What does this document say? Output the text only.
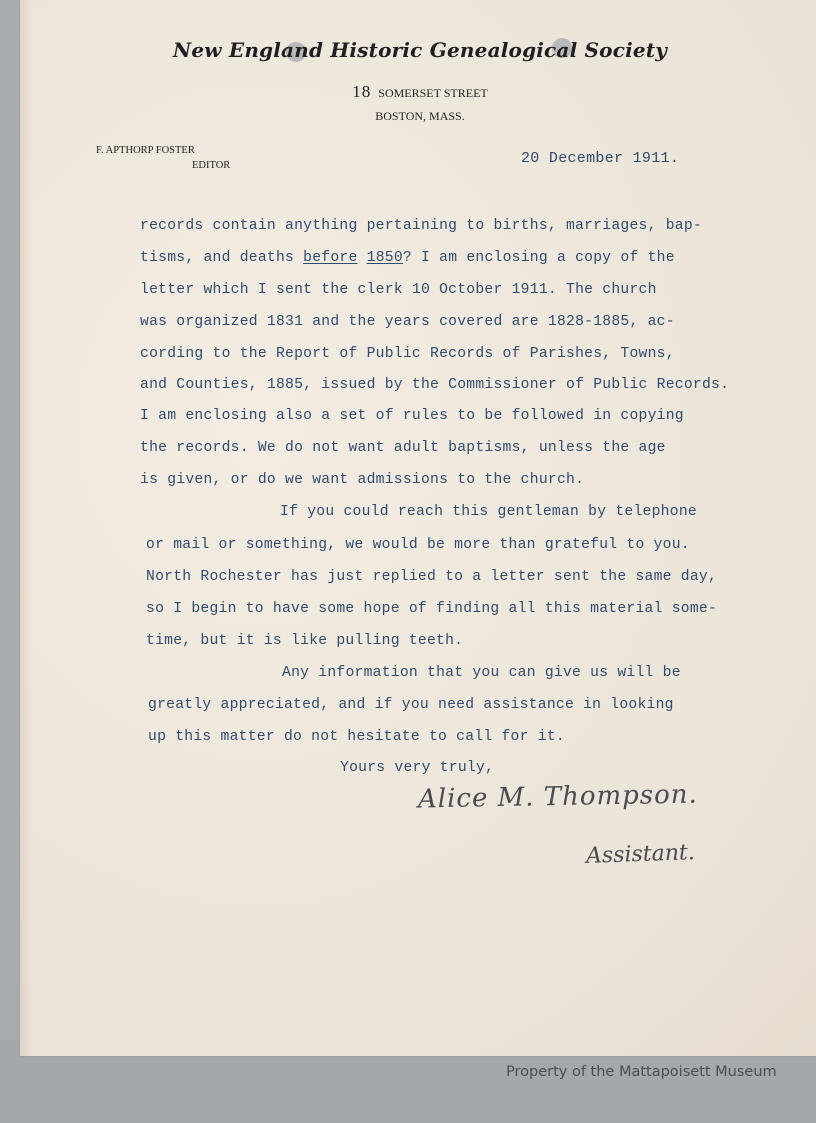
New England Historic Genealogical Society
18 SOMERSET STREET
BOSTON, MASS.
F. APTHORP FOSTER
EDITOR	20 December 1911.
records contain anything pertaining to births, marriages, bap-
tisms, and deaths before 1850? I am enclosing a copy of the
letter which I sent the clerk 10 October 1911. The church
was organized 1831 and the years covered are 1828-1885, ac-
cording to the Report of Public Records of Parishes, Towns,
and Counties, 1885, issued by the Commissioner of Public Records.
I am enclosing also a set of rules to be followed in copying
the records. We do not want adult baptisms, unless the age
is given, or do we want admissions to the church.
If you could reach this gentleman by telephone
or mail or something, we would be more than grateful to you.
North Rochester has just replied to a letter sent the same day,
so I begin to have some hope of finding all this material some-
time, but it is like pulling teeth.
Any information that you can give us will be
greatly appreciated, and if you need assistance in looking
up this matter do not hesitate to call for it.
Yours very truly,
Alice M. Thompson.
Assistant.
Property of the Mattapoisett Museum
